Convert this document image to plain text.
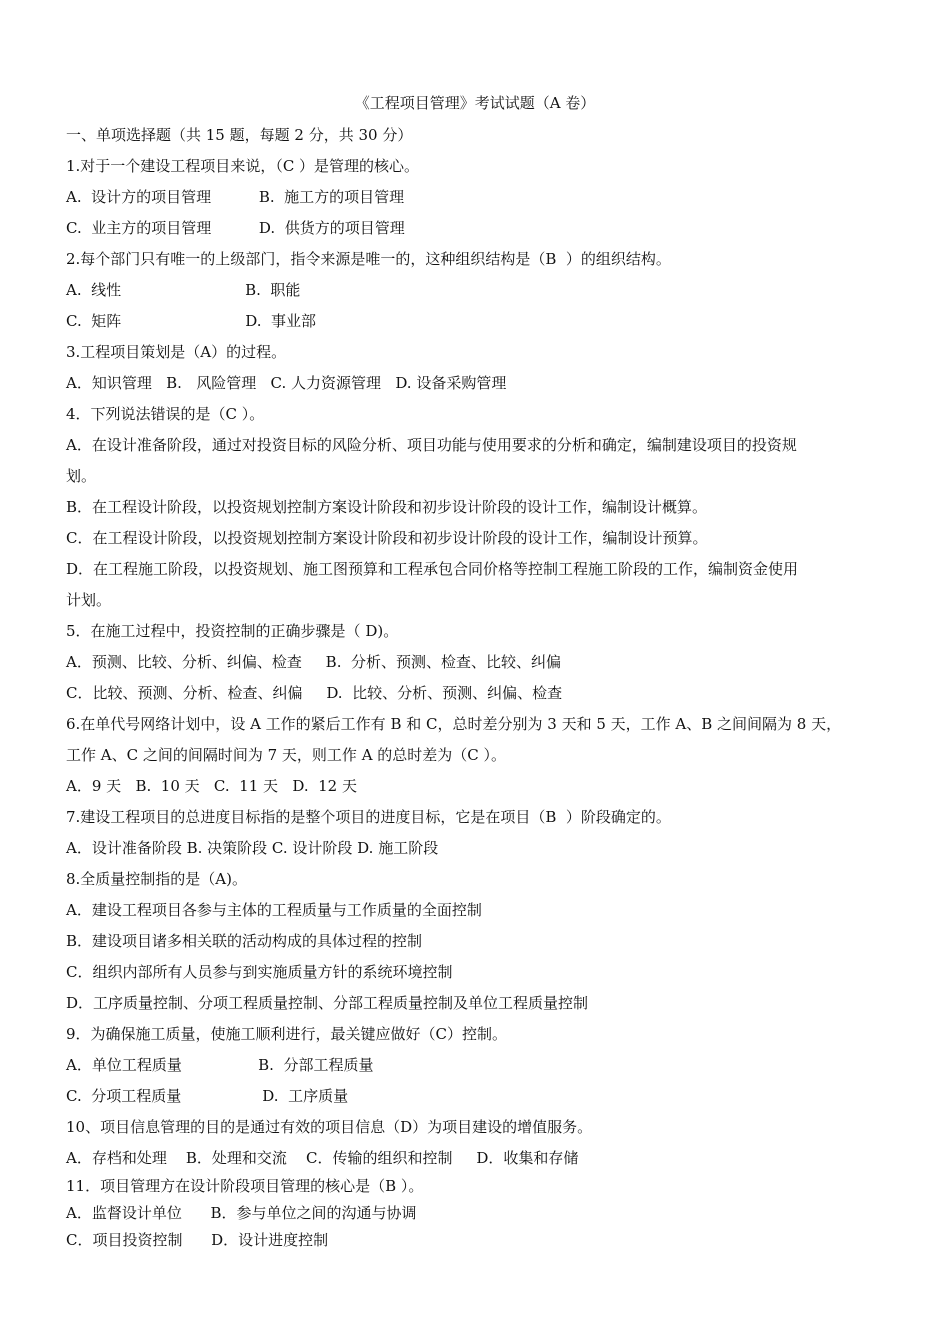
《工程项目管理》考试试题（A 卷）
一、单项选择题（共 15 题，每题 2 分，共 30 分）
1.对于一个建设工程项目来说，（C ）是管理的核心。
A.  设计方的项目管理          B.  施工方的项目管理
C.  业主方的项目管理          D.  供货方的项目管理
2.每个部门只有唯一的上级部门，指令来源是唯一的，这种组织结构是（B  ）的组织结构。
A.  线性                          B.  职能
C.  矩阵                          D.  事业部
3.工程项目策划是（A）的过程。
A．知识管理   B.   风险管理   C. 人力资源管理   D. 设备采购管理
4．下列说法错误的是（C ）。
A．在设计准备阶段，通过对投资目标的风险分析、项目功能与使用要求的分析和确定，编制建设项目的投资规
划。
B．在工程设计阶段，以投资规划控制方案设计阶段和初步设计阶段的设计工作，编制设计概算。
C．在工程设计阶段，以投资规划控制方案设计阶段和初步设计阶段的设计工作，编制设计预算。
D．在工程施工阶段，以投资规划、施工图预算和工程承包合同价格等控制工程施工阶段的工作，编制资金使用
计划。
5．在施工过程中，投资控制的正确步骤是（ D)。
A．预测、比较、分析、纠偏、检查     B.  分析、预测、检查、比较、纠偏
C．比较、预测、分析、检查、纠偏     D.  比较、分析、预测、纠偏、检查
6.在单代号网络计划中，设 A 工作的紧后工作有 B 和 C，总时差分别为 3 天和 5 天，工作 A、B 之间间隔为 8 天，
工作 A、C 之间的间隔时间为 7 天，则工作 A 的总时差为（C ）。
A．9 天   B.  10 天   C.  11 天   D.  12 天
7.建设工程项目的总进度目标指的是整个项目的进度目标，它是在项目（B  ）阶段确定的。
A．设计准备阶段 B. 决策阶段 C. 设计阶段 D. 施工阶段
8.全质量控制指的是（A)。
A．建设工程项目各参与主体的工程质量与工作质量的全面控制
B．建设项目诸多相关联的活动构成的具体过程的控制
C．组织内部所有人员参与到实施质量方针的系统环境控制
D．工序质量控制、分项工程质量控制、分部工程质量控制及单位工程质量控制
9．为确保施工质量，使施工顺利进行，最关键应做好（C）控制。
A．单位工程质量                B.  分部工程质量
C.  分项工程质量                 D.  工序质量
10、项目信息管理的目的是通过有效的项目信息（D）为项目建设的增值服务。
A．存档和处理    B．处理和交流    C．传输的组织和控制     D．收集和存储
11．项目管理方在设计阶段项目管理的核心是（B ）。
A．监督设计单位      B．参与单位之间的沟通与协调
C．项目投资控制      D．设计进度控制
